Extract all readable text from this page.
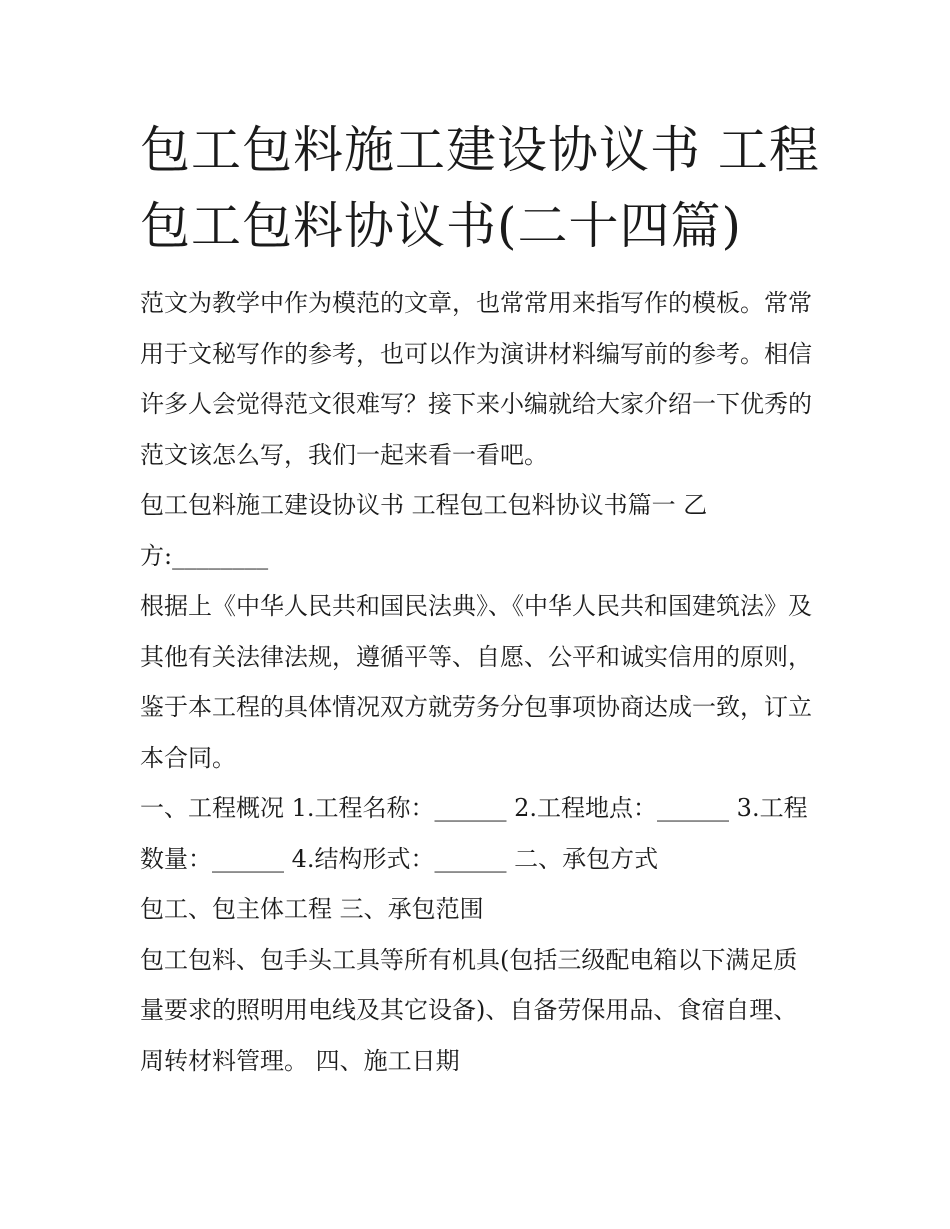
包工包料施工建设协议书 工程包工包料协议书(二十四篇)

范文为教学中作为模范的文章，也常常用来指写作的模板。常常用于文秘写作的参考，也可以作为演讲材料编写前的参考。相信许多人会觉得范文很难写？接下来小编就给大家介绍一下优秀的范文该怎么写，我们一起来看一看吧。

包工包料施工建设协议书 工程包工包料协议书篇一 乙方:________

根据上《中华人民共和国民法典》、《中华人民共和国建筑法》及其他有关法律法规，遵循平等、自愿、公平和诚实信用的原则，鉴于本工程的具体情况双方就劳务分包事项协商达成一致，订立本合同。

一、工程概况 1.工程名称：______ 2.工程地点：______ 3.工程数量：______ 4.结构形式：______ 二、承包方式

包工、包主体工程 三、承包范围

包工包料、包手头工具等所有机具(包括三级配电箱以下满足质量要求的照明用电线及其它设备)、自备劳保用品、食宿自理、周转材料管理。 四、施工日期
